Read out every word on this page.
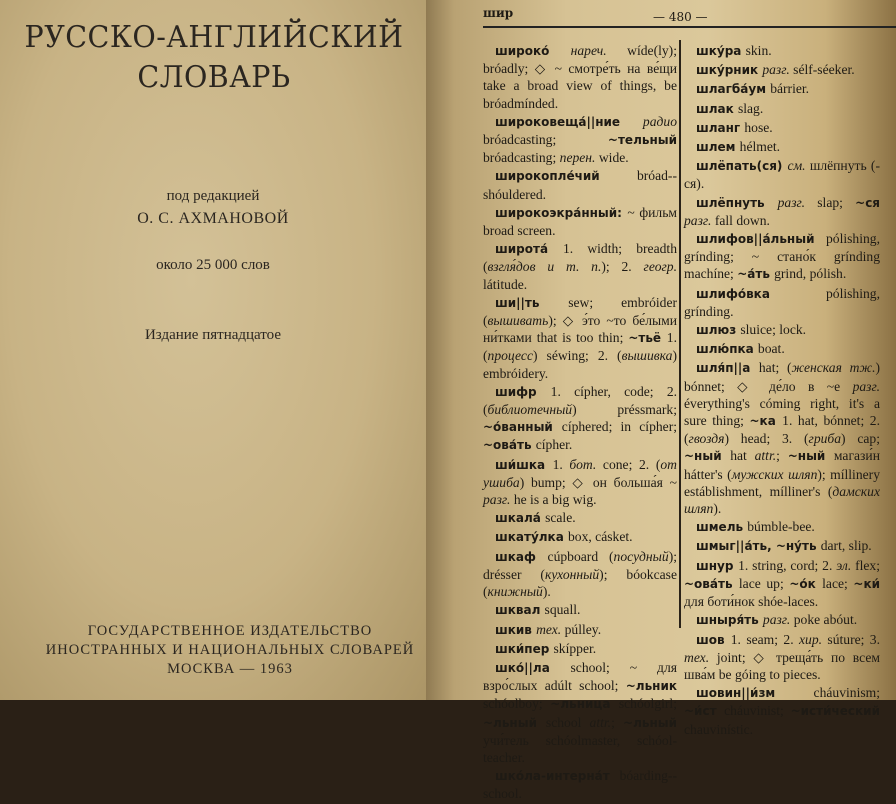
РУССКО-АНГЛИЙСКИЙ
СЛОВАРЬ
под редакцией
О. С. АХМАНОВОЙ
около 25 000 слов
Издание пятнадцатое
ГОСУДАРСТВЕННОЕ ИЗДАТЕЛЬСТВО
ИНОСТРАННЫХ И НАЦИОНАЛЬНЫХ СЛОВАРЕЙ
МОСКВА — 1963
шир	— 480 —
широко́ нареч. wíde(ly); bróadly; ◇ ~ смотре́ть на ве́щи take a broad view of things, be bróadmínded.
широковеща́||ние радио bróadcasting; ~тельный bróadcasting; перен. wide.
широкопле́чий bróad--shóuldered.
широкоэкра́нный: ~ фильм broad screen.
широта́ 1. width; breadth (взгля́дов и т. п.); 2. геогр. látitude.
ши||ть sew; embróider (вышивать); ◇ э́то ~то бе́лыми ни́тками that is too thin; ~тьё 1. (процесс) séwing; 2. (вышивка) embróidery.
шифр 1. cípher, code; 2. (библиотечный) préssmark; ~о́ванный cíphered; in cípher; ~ова́ть cípher.
ши́шка 1. бот. cone; 2. (от ушиба) bump; ◇ он больша́я ~ разг. he is a big wig.
шкала́ scale.
шкату́лка box, cásket.
шкаф cúpboard (посудный); drésser (кухонный); bóokcase (книжный).
шквал squall.
шкив тех. púlley.
шки́пер skípper.
шко́||ла school; ~ для взро́слых adúlt school; ~льник schóolboy; ~льница schóolgirl; ~льный school attr.; ~льный учи́тель schóolmaster, schóol-teacher.
шко́ла-интерна́т bóarding--school.
шку́ра skin.
шку́рник разг. sélf-séeker.
шлагба́ум bárrier.
шлак slag.
шланг hose.
шлем hélmet.
шлёпать(ся) см. шлёпнуть (-ся).
шлёпнуть разг. slap; ~ся разг. fall down.
шлифов||а́льный pólishing, grínding; ~ стано́к grínding machíne; ~а́ть grind, pólish.
шлифо́вка pólishing, grínding.
шлюз sluice; lock.
шлю́пка boat.
шля́п||а hat; (женская тж.) bónnet; ◇ де́ло в ~е разг. éverything's cóming right, it's a sure thing; ~ка 1. hat, bónnet; 2. (гвоздя) head; 3. (гриба) cap; ~ный hat attr.; ~ный магази́н hátter's (мужских шляп); míllinery estáblishment, mílliner's (дамских шляп).
шмель búmble-bee.
шмыг||а́ть, ~ну́ть dart, slip.
шнур 1. string, cord; 2. эл. flex; ~ова́ть lace up; ~о́к lace; ~ки́ для боти́нок shóe-laces.
шныря́ть разг. poke abóut.
шов 1. seam; 2. хир. súture; 3. тех. joint; ◇ треща́ть по всем шва́м be góing to pieces.
шовин||и́зм cháuvinism; ~и́ст cháuvinist; ~исти́ческий chauvinístic.
